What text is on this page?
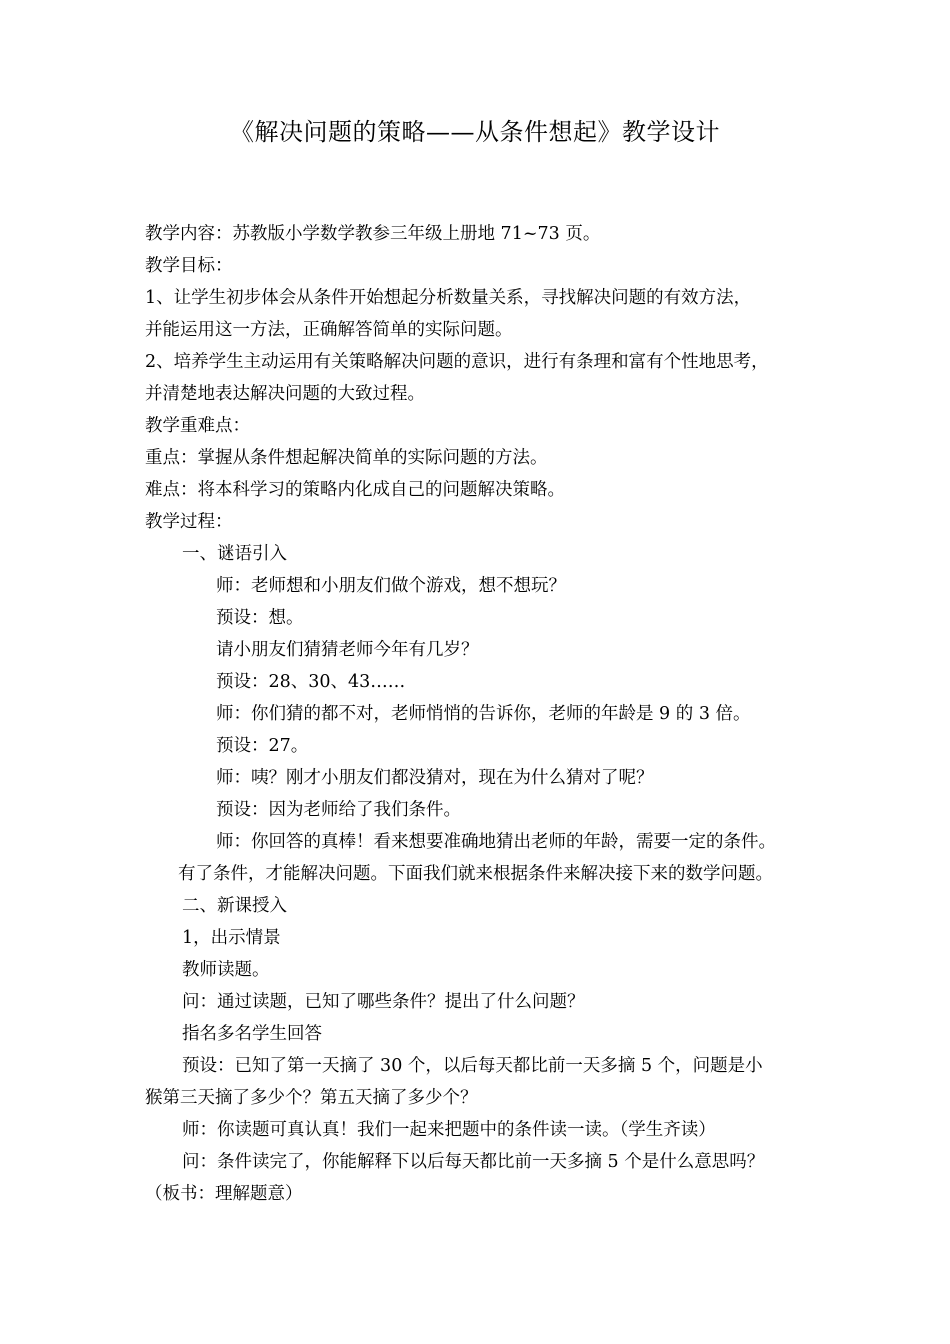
《解决问题的策略——从条件想起》教学设计
教学内容：苏教版小学数学教参三年级上册地 71~73 页。
教学目标：
1、让学生初步体会从条件开始想起分析数量关系，寻找解决问题的有效方法，
并能运用这一方法，正确解答简单的实际问题。
2、培养学生主动运用有关策略解决问题的意识，进行有条理和富有个性地思考，
并清楚地表达解决问题的大致过程。
教学重难点：
重点：掌握从条件想起解决简单的实际问题的方法。
难点：将本科学习的策略内化成自己的问题解决策略。
教学过程：
一、谜语引入
师：老师想和小朋友们做个游戏，想不想玩？
预设：想。
请小朋友们猜猜老师今年有几岁？
预设：28、30、43……
师：你们猜的都不对，老师悄悄的告诉你，老师的年龄是 9 的 3 倍。
预设：27。
师：咦？刚才小朋友们都没猜对，现在为什么猜对了呢？
预设：因为老师给了我们条件。
师：你回答的真棒！看来想要准确地猜出老师的年龄，需要一定的条件。
有了条件，才能解决问题。下面我们就来根据条件来解决接下来的数学问题。
二、新课授入
1，出示情景
教师读题。
问：通过读题，已知了哪些条件？提出了什么问题？
指名多名学生回答
预设：已知了第一天摘了 30 个，以后每天都比前一天多摘 5 个，问题是小
猴第三天摘了多少个？第五天摘了多少个？
师：你读题可真认真！我们一起来把题中的条件读一读。（学生齐读）
问：条件读完了，你能解释下以后每天都比前一天多摘 5 个是什么意思吗？
（板书：理解题意）
